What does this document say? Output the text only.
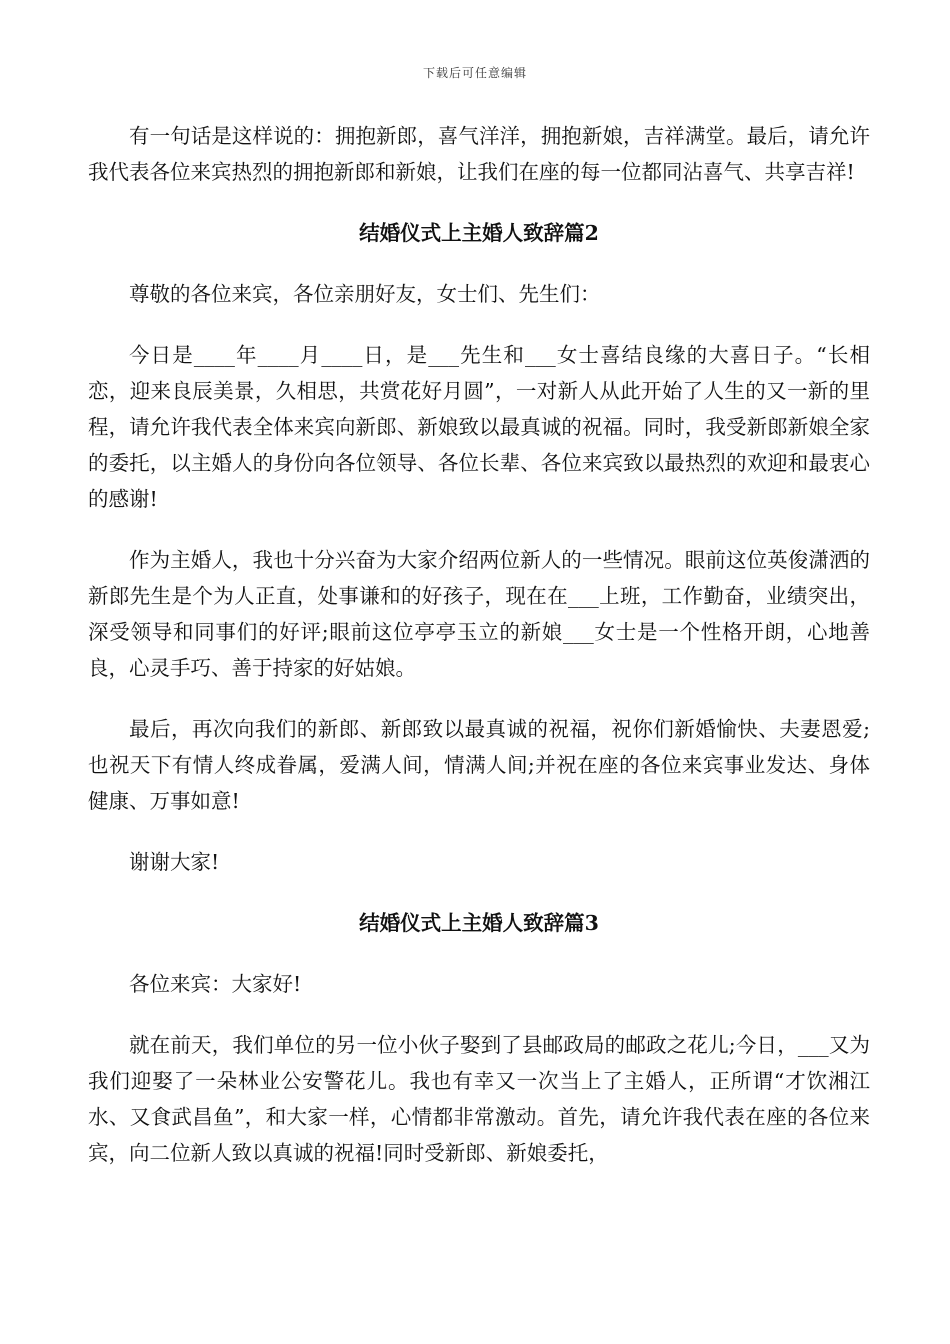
下载后可任意编辑

有一句话是这样说的：拥抱新郎，喜气洋洋，拥抱新娘，吉祥满堂。最后，请允许我代表各位来宾热烈的拥抱新郎和新娘，让我们在座的每一位都同沾喜气、共享吉祥!

结婚仪式上主婚人致辞篇2

尊敬的各位来宾，各位亲朋好友，女士们、先生们：

今日是____年____月____日，是___先生和___女士喜结良缘的大喜日子。“长相恋，迎来良辰美景，久相思，共赏花好月圆”，一对新人从此开始了人生的又一新的里程，请允许我代表全体来宾向新郎、新娘致以最真诚的祝福。同时，我受新郎新娘全家的委托，以主婚人的身份向各位领导、各位长辈、各位来宾致以最热烈的欢迎和最衷心的感谢!

作为主婚人，我也十分兴奋为大家介绍两位新人的一些情况。眼前这位英俊潇洒的新郎先生是个为人正直，处事谦和的好孩子，现在在___上班，工作勤奋，业绩突出，深受领导和同事们的好评;眼前这位亭亭玉立的新娘___女士是一个性格开朗，心地善良，心灵手巧、善于持家的好姑娘。

最后，再次向我们的新郎、新郎致以最真诚的祝福，祝你们新婚愉快、夫妻恩爱;也祝天下有情人终成眷属，爱满人间，情满人间;并祝在座的各位来宾事业发达、身体健康、万事如意!

谢谢大家!

结婚仪式上主婚人致辞篇3

各位来宾：大家好!

就在前天，我们单位的另一位小伙子娶到了县邮政局的邮政之花儿;今日，___又为我们迎娶了一朵林业公安警花儿。我也有幸又一次当上了主婚人，正所谓“才饮湘江水、又食武昌鱼”，和大家一样，心情都非常激动。首先，请允许我代表在座的各位来宾，向二位新人致以真诚的祝福!同时受新郎、新娘委托，
